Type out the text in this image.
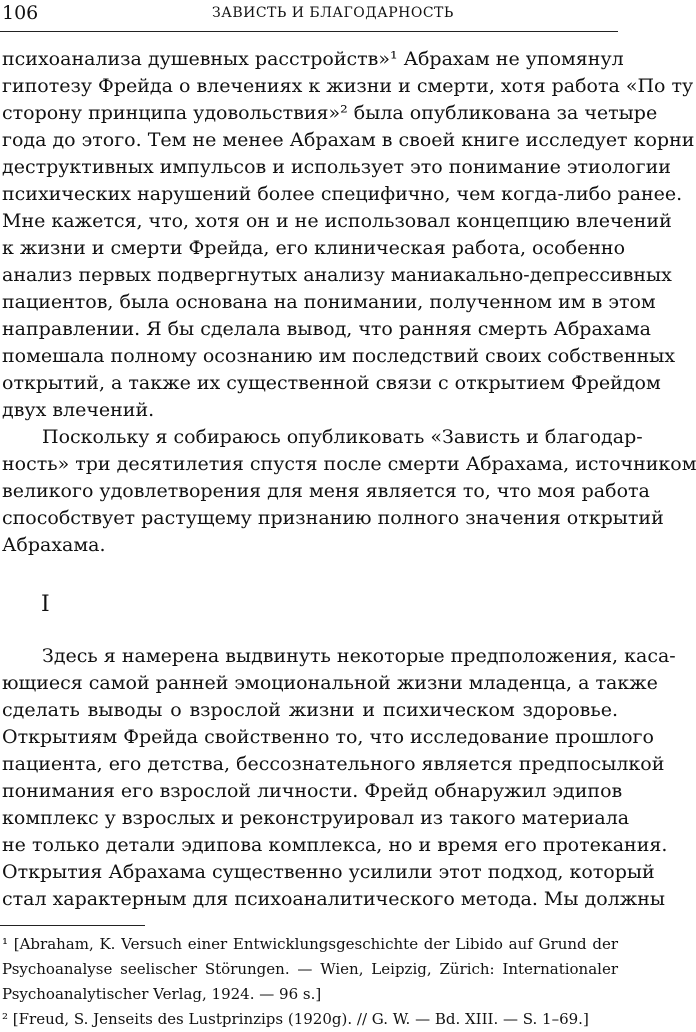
106	ЗАВИСТЬ И БЛАГОДАРНОСТЬ
психоанализа душевных расстройств»¹ Абрахам не упомянул
гипотезу Фрейда о влечениях к жизни и смерти, хотя работа «По ту
сторону принципа удовольствия»² была опубликована за четыре
года до этого. Тем не менее Абрахам в своей книге исследует корни
деструктивных импульсов и использует это понимание этиологии
психических нарушений более специфично, чем когда-либо ранее.
Мне кажется, что, хотя он и не использовал концепцию влечений
к жизни и смерти Фрейда, его клиническая работа, особенно
анализ первых подвергнутых анализу маниакально-депрессивных
пациентов, была основана на понимании, полученном им в этом
направлении. Я бы сделала вывод, что ранняя смерть Абрахама
помешала полному осознанию им последствий своих собственных
открытий, а также их существенной связи с открытием Фрейдом
двух влечений.
Поскольку я собираюсь опубликовать «Зависть и благодар-
ность» три десятилетия спустя после смерти Абрахама, источником
великого удовлетворения для меня является то, что моя работа
способствует растущему признанию полного значения открытий
Абрахама.
I
Здесь я намерена выдвинуть некоторые предположения, каса-
ющиеся самой ранней эмоциональной жизни младенца, а также
сделать выводы о взрослой жизни и психическом здоровье.
Открытиям Фрейда свойственно то, что исследование прошлого
пациента, его детства, бессознательного является предпосылкой
понимания его взрослой личности. Фрейд обнаружил эдипов
комплекс у взрослых и реконструировал из такого материала
не только детали эдипова комплекса, но и время его протекания.
Открытия Абрахама существенно усилили этот подход, который
стал характерным для психоаналитического метода. Мы должны
¹ [Abraham, K. Versuch einer Entwicklungsgeschichte der Libido auf Grund der
Psychoanalyse seelischer Störungen. — Wien, Leipzig, Zürich: Internationaler
Psychoanalytischer Verlag, 1924. — 96 s.]
² [Freud, S. Jenseits des Lustprinzips (1920g). // G. W. — Bd. XIII. — S. 1–69.]
